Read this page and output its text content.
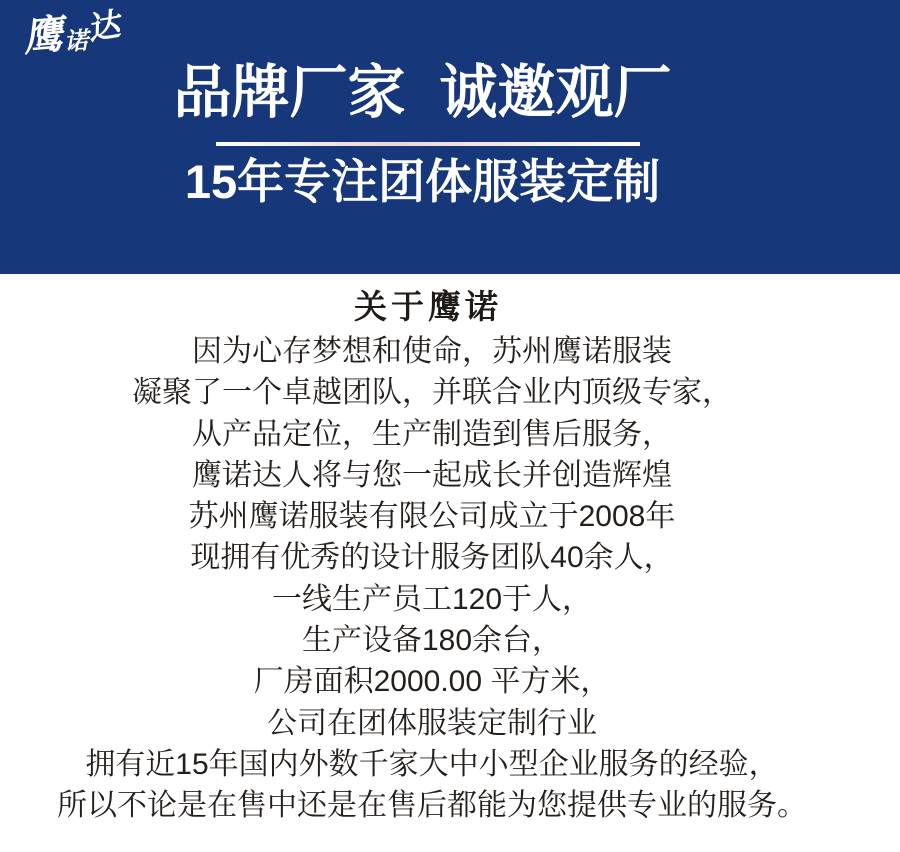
鹰
诺
达
品牌厂家 诚邀观厂
15年专注团体服装定制
关于鹰诺
因为心存梦想和使命，苏州鹰诺服装
凝聚了一个卓越团队，并联合业内顶级专家，
从产品定位，生产制造到售后服务，
鹰诺达人将与您一起成长并创造辉煌
苏州鹰诺服装有限公司成立于2008年
现拥有优秀的设计服务团队40余人，
一线生产员工120于人，
生产设备180余台，
厂房面积2000.00 平方米，
公司在团体服装定制行业
拥有近15年国内外数千家大中小型企业服务的经验，
所以不论是在售中还是在售后都能为您提供专业的服务。
